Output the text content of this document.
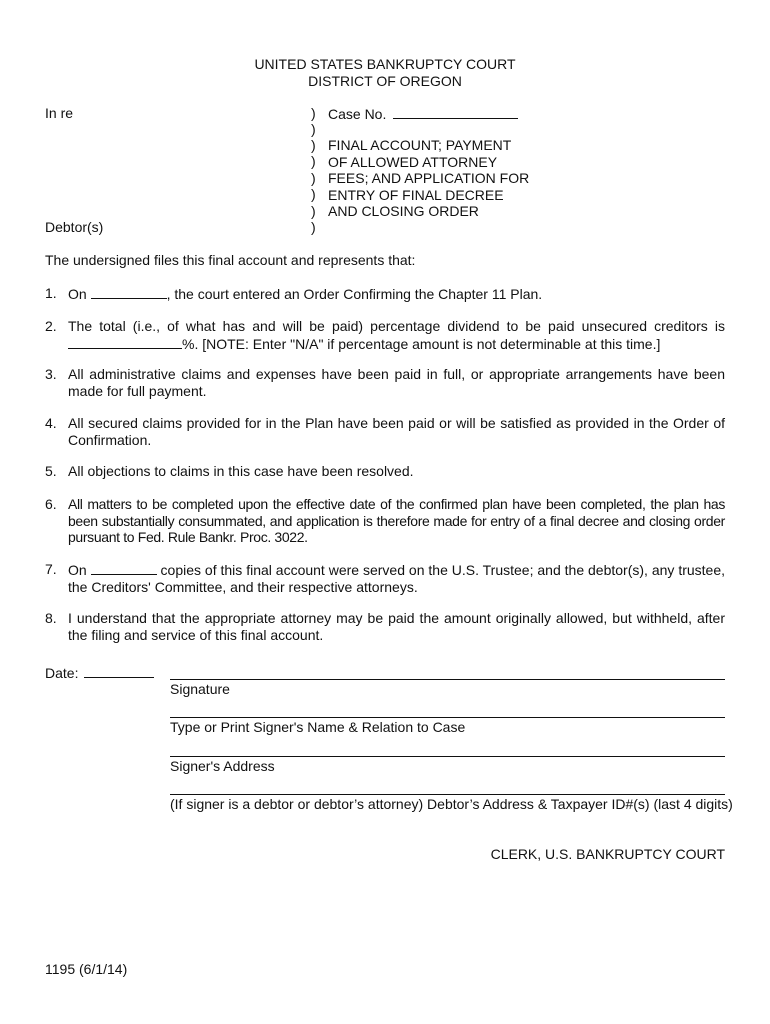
UNITED STATES BANKRUPTCY COURT
DISTRICT OF OREGON
In re
Debtor(s)
)
)
)
)
)
)
)
)
Case No.
FINAL ACCOUNT; PAYMENT
OF ALLOWED ATTORNEY
FEES; AND APPLICATION FOR
ENTRY OF FINAL DECREE
AND CLOSING ORDER
The undersigned files this final account and represents that:
1. On	, the court entered an Order Confirming the Chapter 11 Plan.
2. The total (i.e., of what has and will be paid) percentage dividend to be paid unsecured creditors is
%. [NOTE: Enter "N/A" if percentage amount is not determinable at this time.]
3. All administrative claims and expenses have been paid in full, or appropriate arrangements have been made for full payment.
4. All secured claims provided for in the Plan have been paid or will be satisfied as provided in the Order of Confirmation.
5. All objections to claims in this case have been resolved.
6. All matters to be completed upon the effective date of the confirmed plan have been completed, the plan has been substantially consummated, and application is therefore made for entry of a final decree and closing order pursuant to Fed. Rule Bankr. Proc. 3022.
7. On	copies of this final account were served on the U.S. Trustee; and the debtor(s), any trustee, the Creditors' Committee, and their respective attorneys.
8. I understand that the appropriate attorney may be paid the amount originally allowed, but withheld, after the filing and service of this final account.
Date:
Signature
Type or Print Signer's Name & Relation to Case
Signer's Address
(If signer is a debtor or debtor’s attorney) Debtor’s Address & Taxpayer ID#(s) (last 4 digits)
CLERK, U.S. BANKRUPTCY COURT
1195 (6/1/14)
